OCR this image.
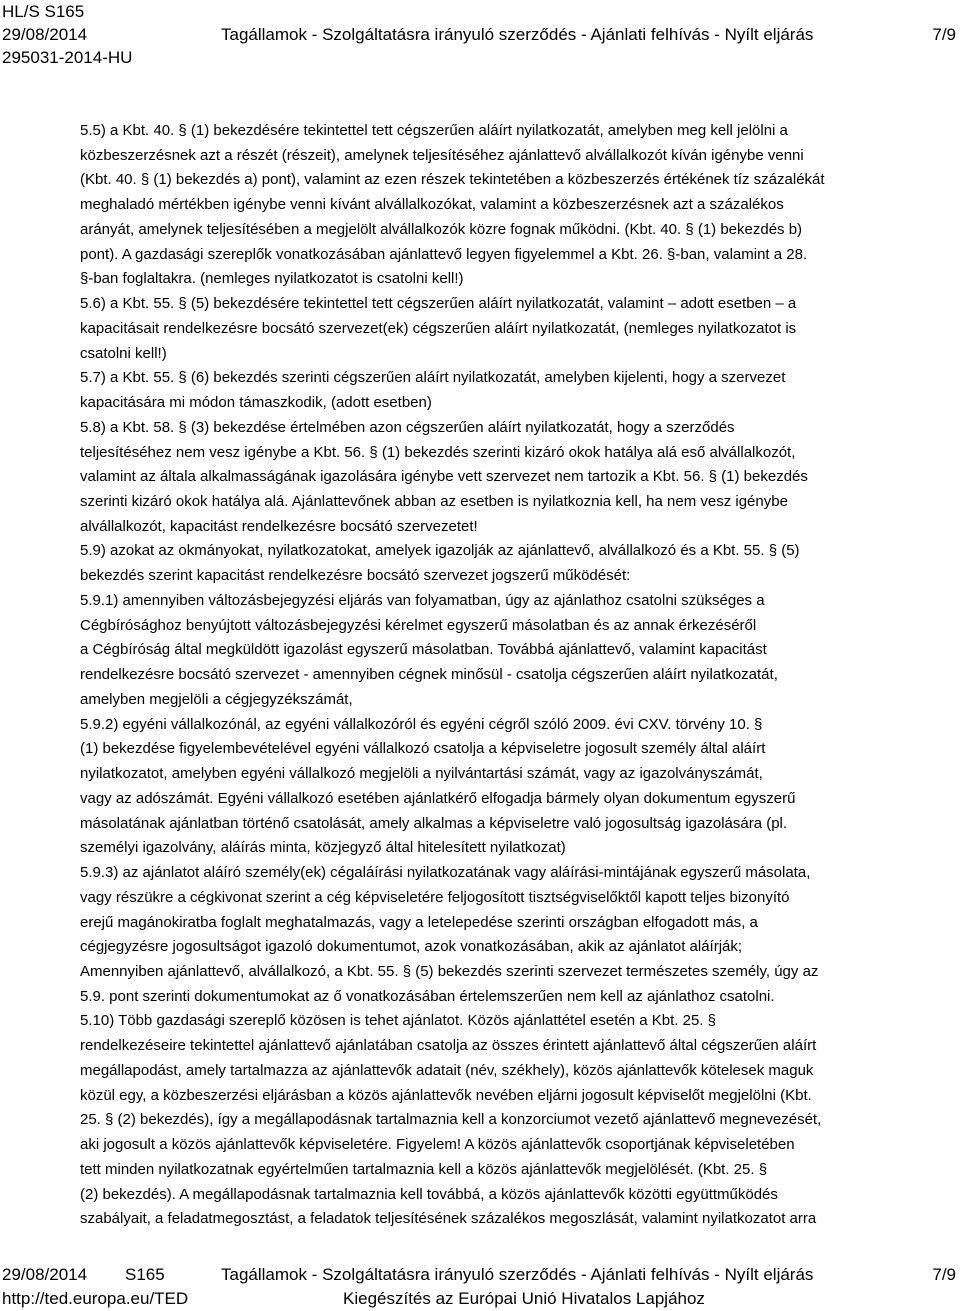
HL/S S165
29/08/2014
295031-2014-HU
Tagállamok - Szolgáltatásra irányuló szerződés - Ajánlati felhívás - Nyílt eljárás	7/9

5.5) a Kbt. 40. § (1) bekezdésére tekintettel tett cégszerűen aláírt nyilatkozatát, amelyben meg kell jelölni a

közbeszerzésnek azt a részét (részeit), amelynek teljesítéséhez ajánlattevő alvállalkozót kíván igénybe venni

(Kbt. 40. § (1) bekezdés a) pont), valamint az ezen részek tekintetében a közbeszerzés értékének tíz százalékát

meghaladó mértékben igénybe venni kívánt alvállalkozókat, valamint a közbeszerzésnek azt a százalékos

arányát, amelynek teljesítésében a megjelölt alvállalkozók közre fognak működni. (Kbt. 40. § (1) bekezdés b)

pont). A gazdasági szereplők vonatkozásában ajánlattevő legyen figyelemmel a Kbt. 26. §-ban, valamint a 28.

§-ban foglaltakra. (nemleges nyilatkozatot is csatolni kell!)

5.6) a Kbt. 55. § (5) bekezdésére tekintettel tett cégszerűen aláírt nyilatkozatát, valamint – adott esetben – a

kapacitásait rendelkezésre bocsátó szervezet(ek) cégszerűen aláírt nyilatkozatát, (nemleges nyilatkozatot is

csatolni kell!)

5.7) a Kbt. 55. § (6) bekezdés szerinti cégszerűen aláírt nyilatkozatát, amelyben kijelenti, hogy a szervezet

kapacitására mi módon támaszkodik, (adott esetben)

5.8) a Kbt. 58. § (3) bekezdése értelmében azon cégszerűen aláírt nyilatkozatát, hogy a szerződés

teljesítéséhez nem vesz igénybe a Kbt. 56. § (1) bekezdés szerinti kizáró okok hatálya alá eső alvállalkozót,

valamint az általa alkalmasságának igazolására igénybe vett szervezet nem tartozik a Kbt. 56. § (1) bekezdés

szerinti kizáró okok hatálya alá. Ajánlattevőnek abban az esetben is nyilatkoznia kell, ha nem vesz igénybe

alvállalkozót, kapacitást rendelkezésre bocsátó szervezetet!

5.9) azokat az okmányokat, nyilatkozatokat, amelyek igazolják az ajánlattevő, alvállalkozó és a Kbt. 55. § (5)

bekezdés szerint kapacitást rendelkezésre bocsátó szervezet jogszerű működését:

5.9.1) amennyiben változásbejegyzési eljárás van folyamatban, úgy az ajánlathoz csatolni szükséges a

Cégbírósághoz benyújtott változásbejegyzési kérelmet egyszerű másolatban és az annak érkezéséről

a Cégbíróság által megküldött igazolást egyszerű másolatban. Továbbá ajánlattevő, valamint kapacitást

rendelkezésre bocsátó szervezet - amennyiben cégnek minősül - csatolja cégszerűen aláírt nyilatkozatát,

amelyben megjelöli a cégjegyzékszámát,

5.9.2) egyéni vállalkozónál, az egyéni vállalkozóról és egyéni cégről szóló 2009. évi CXV. törvény 10. §

(1) bekezdése figyelembevételével egyéni vállalkozó csatolja a képviseletre jogosult személy által aláírt

nyilatkozatot, amelyben egyéni vállalkozó megjelöli a nyilvántartási számát, vagy az igazolványszámát,

vagy az adószámát. Egyéni vállalkozó esetében ajánlatkérő elfogadja bármely olyan dokumentum egyszerű

másolatának ajánlatban történő csatolását, amely alkalmas a képviseletre való jogosultság igazolására (pl.

személyi igazolvány, aláírás minta, közjegyző által hitelesített nyilatkozat)

5.9.3) az ajánlatot aláíró személy(ek) cégaláírási nyilatkozatának vagy aláírási-mintájának egyszerű másolata,

vagy részükre a cégkivonat szerint a cég képviseletére feljogosított tisztségviselőktől kapott teljes bizonyító

erejű magánokiratba foglalt meghatalmazás, vagy a letelepedése szerinti országban elfogadott más, a

cégjegyzésre jogosultságot igazoló dokumentumot, azok vonatkozásában, akik az ajánlatot aláírják;

Amennyiben ajánlattevő, alvállalkozó, a Kbt. 55. § (5) bekezdés szerinti szervezet természetes személy, úgy az

5.9. pont szerinti dokumentumokat az ő vonatkozásában értelemszerűen nem kell az ajánlathoz csatolni.

5.10) Több gazdasági szereplő közösen is tehet ajánlatot. Közös ajánlattétel esetén a Kbt. 25. §

rendelkezéseire tekintettel ajánlattevő ajánlatában csatolja az összes érintett ajánlattevő által cégszerűen aláírt

megállapodást, amely tartalmazza az ajánlattevők adatait (név, székhely), közös ajánlattevők kötelesek maguk

közül egy, a közbeszerzési eljárásban a közös ajánlattevők nevében eljárni jogosult képviselőt megjelölni (Kbt.

25. § (2) bekezdés), így a megállapodásnak tartalmaznia kell a konzorciumot vezető ajánlattevő megnevezését,

aki jogosult a közös ajánlattevők képviseletére. Figyelem! A közös ajánlattevők csoportjának képviseletében

tett minden nyilatkozatnak egyértelműen tartalmaznia kell a közös ajánlattevők megjelölését. (Kbt. 25. §

(2) bekezdés). A megállapodásnak tartalmaznia kell továbbá, a közös ajánlattevők közötti együttműködés

szabályait, a feladatmegosztást, a feladatok teljesítésének százalékos megoszlását, valamint nyilatkozatot arra

29/08/2014 S165	Tagállamok - Szolgáltatásra irányuló szerződés - Ajánlati felhívás - Nyílt eljárás	7/9
http://ted.europa.eu/TED	Kiegészítés az Európai Unió Hivatalos Lapjához
